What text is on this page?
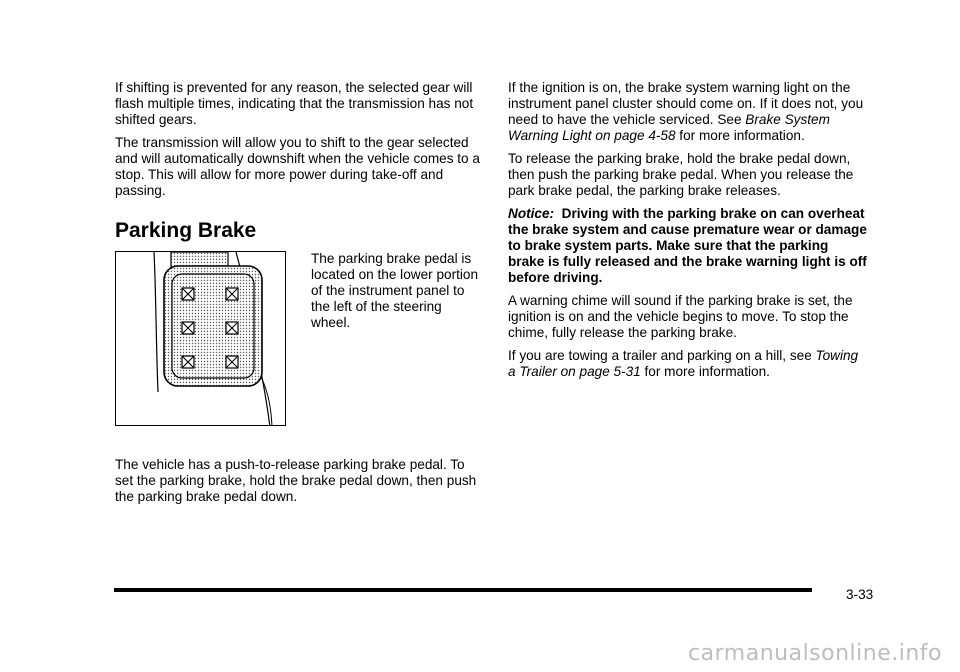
If shifting is prevented for any reason, the selected gear will flash multiple times, indicating that the transmission has not shifted gears.

The transmission will allow you to shift to the gear selected and will automatically downshift when the vehicle comes to a stop. This will allow for more power during take-off and passing.

Parking Brake
The parking brake pedal is located on the lower portion of the instrument panel to the left of the steering wheel.
The vehicle has a push-to-release parking brake pedal. To set the parking brake, hold the brake pedal down, then push the parking brake pedal down.

If the ignition is on, the brake system warning light on the instrument panel cluster should come on. If it does not, you need to have the vehicle serviced. See Brake System Warning Light on page 4-58 for more information.

To release the parking brake, hold the brake pedal down, then push the parking brake pedal. When you release the park brake pedal, the parking brake releases.

Notice: Driving with the parking brake on can overheat the brake system and cause premature wear or damage to brake system parts. Make sure that the parking brake is fully released and the brake warning light is off before driving.

A warning chime will sound if the parking brake is set, the ignition is on and the vehicle begins to move. To stop the chime, fully release the parking brake.

If you are towing a trailer and parking on a hill, see Towing a Trailer on page 5-31 for more information.

3-33
carmanualsonline.info
